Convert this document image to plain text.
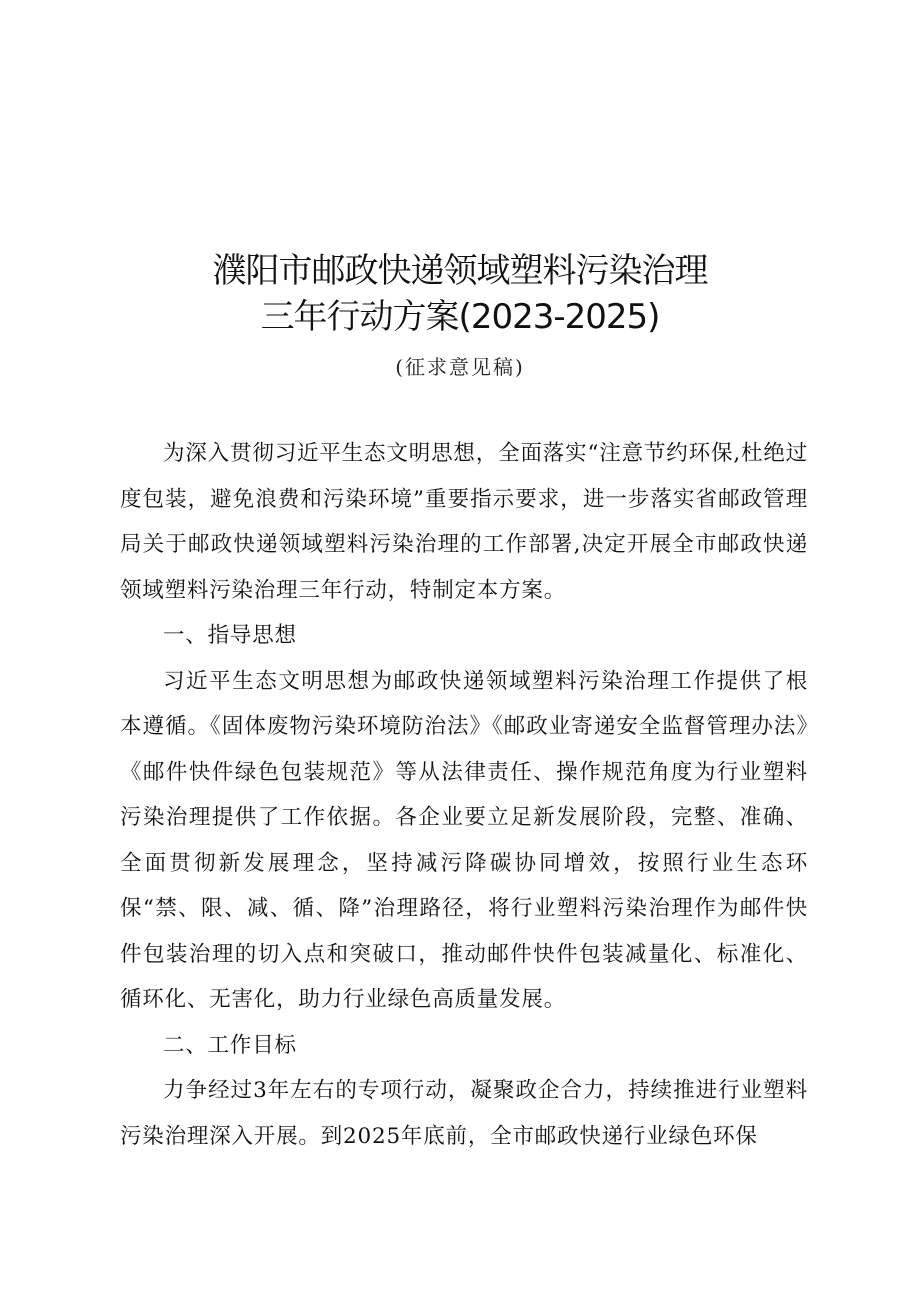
濮阳市邮政快递领域塑料污染治理
三年行动方案(2023-2025)
(征求意见稿)

为深入贯彻习近平生态文明思想，全面落实“注意节约环保,杜绝过度包装，避免浪费和污染环境”重要指示要求，进一步落实省邮政管理局关于邮政快递领域塑料污染治理的工作部署,决定开展全市邮政快递领域塑料污染治理三年行动，特制定本方案。

一、指导思想

习近平生态文明思想为邮政快递领域塑料污染治理工作提供了根本遵循。《固体废物污染环境防治法》《邮政业寄递安全监督管理办法》《邮件快件绿色包装规范》等从法律责任、操作规范角度为行业塑料污染治理提供了工作依据。各企业要立足新发展阶段，完整、准确、全面贯彻新发展理念，坚持减污降碳协同增效，按照行业生态环保“禁、限、减、循、降”治理路径，将行业塑料污染治理作为邮件快件包装治理的切入点和突破口，推动邮件快件包装减量化、标准化、循环化、无害化，助力行业绿色高质量发展。

二、工作目标

力争经过3年左右的专项行动，凝聚政企合力，持续推进行业塑料污染治理深入开展。到2025年底前，全市邮政快递行业绿色环保
